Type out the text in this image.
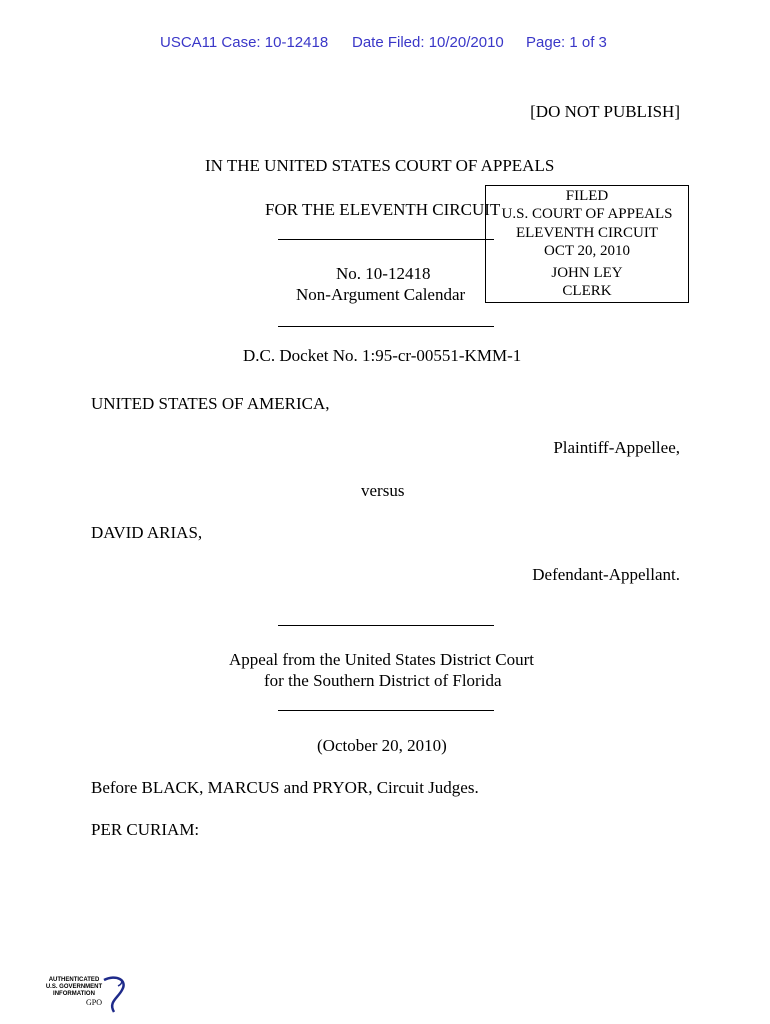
USCA11 Case: 10-12418 Date Filed: 10/20/2010 Page: 1 of 3
[DO NOT PUBLISH]
IN THE UNITED STATES COURT OF APPEALS
FOR THE ELEVENTH CIRCUIT
FILED
U.S. COURT OF APPEALS
ELEVENTH CIRCUIT
OCT 20, 2010
JOHN LEY
CLERK
No. 10-12418
Non-Argument Calendar
D.C. Docket No. 1:95-cr-00551-KMM-1
UNITED STATES OF AMERICA,
Plaintiff-Appellee,
versus
DAVID ARIAS,
Defendant-Appellant.
Appeal from the United States District Court
for the Southern District of Florida
(October 20, 2010)
Before BLACK, MARCUS and PRYOR, Circuit Judges.
PER CURIAM:
AUTHENTICATED
U.S. GOVERNMENT
INFORMATION
GPO
